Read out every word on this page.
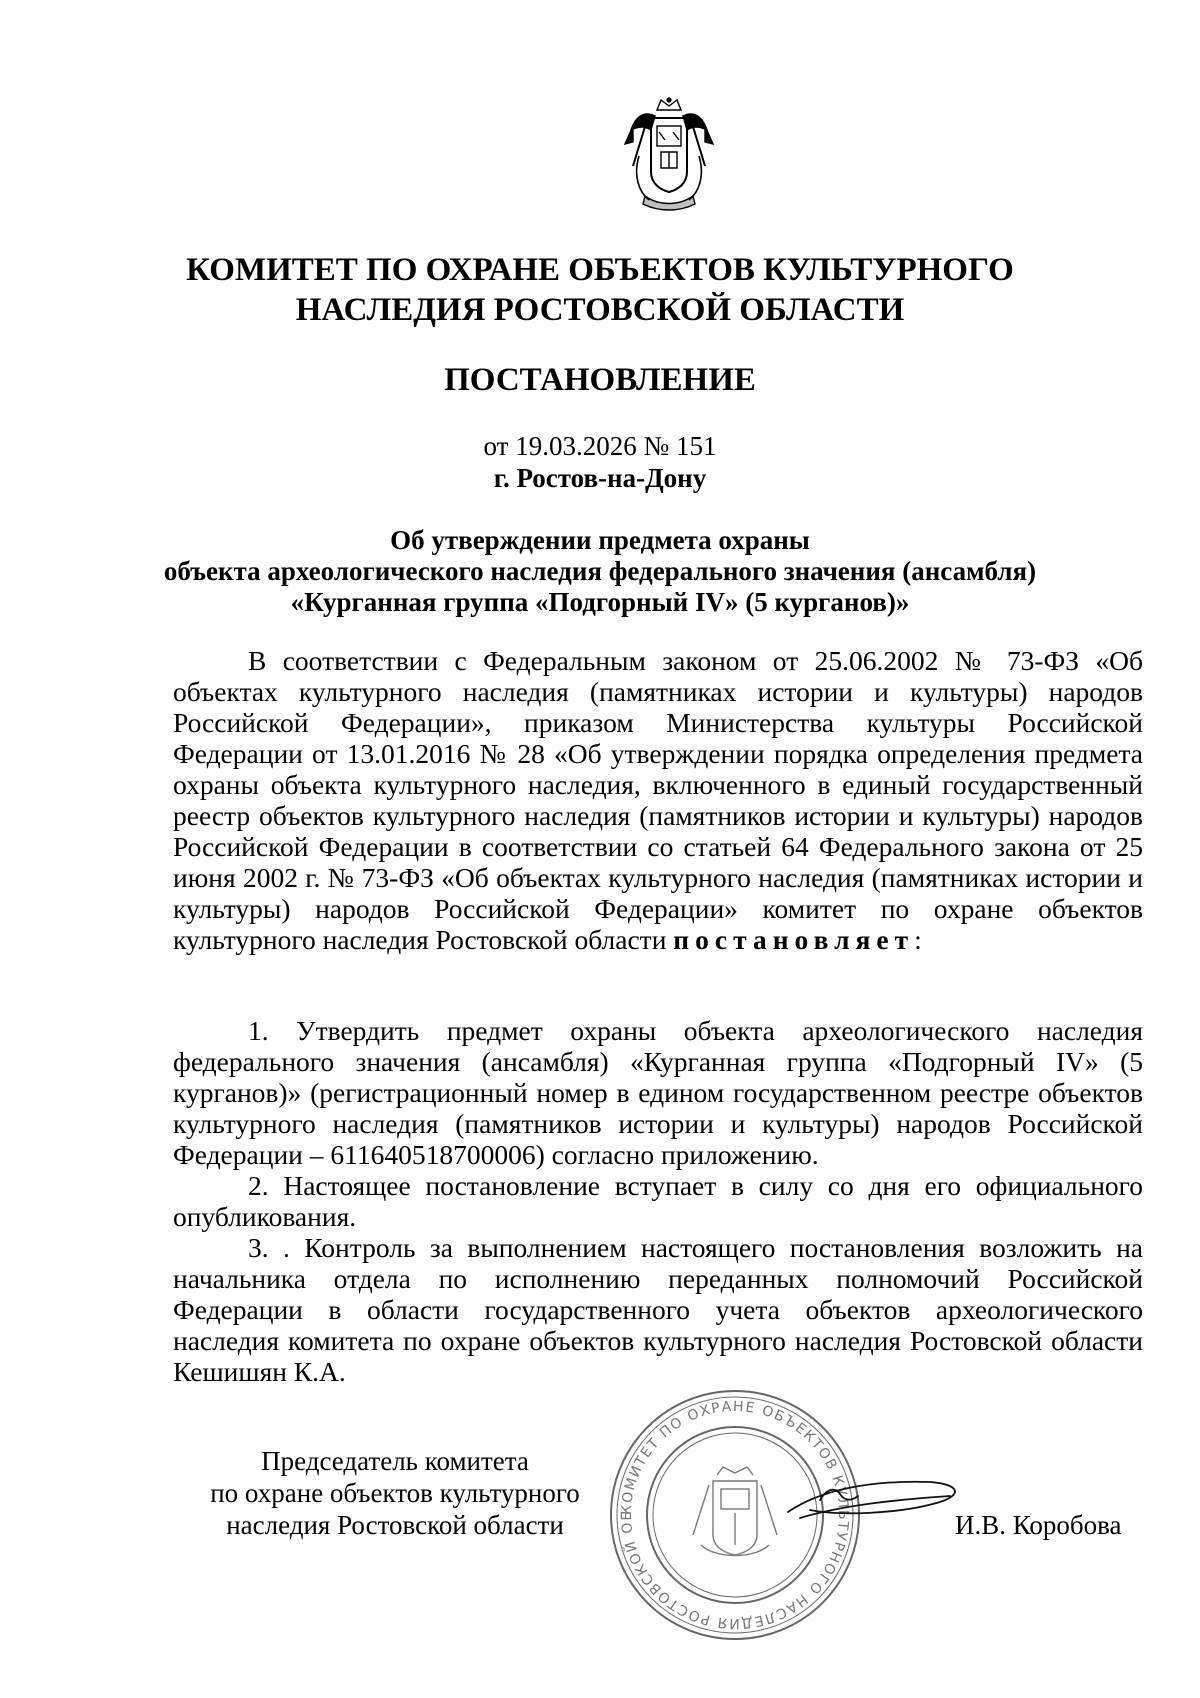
КОМИТЕТ ПО ОХРАНЕ ОБЪЕКТОВ КУЛЬТУРНОГО
НАСЛЕДИЯ РОСТОВСКОЙ ОБЛАСТИ
ПОСТАНОВЛЕНИЕ
от 19.03.2026 № 151
г. Ростов-на-Дону
Об утверждении предмета охраны
объекта археологического наследия федерального значения (ансамбля)
«Курганная группа «Подгорный IV» (5 курганов)»

В соответствии с Федеральным законом от 25.06.2002 № 73-ФЗ «Об объектах культурного наследия (памятниках истории и культуры) народов Российской Федерации», приказом Министерства культуры Российской Федерации от 13.01.2016 № 28 «Об утверждении порядка определения предмета охраны объекта культурного наследия, включенного в единый государственный реестр объектов культурного наследия (памятников истории и культуры) народов Российской Федерации в соответствии со статьей 64 Федерального закона от 25 июня 2002 г. № 73-ФЗ «Об объектах культурного наследия (памятниках истории и культуры) народов Российской Федерации» комитет по охране объектов культурного наследия Ростовской области постановляет:

1. Утвердить предмет охраны объекта археологического наследия федерального значения (ансамбля) «Курганная группа «Подгорный IV» (5 курганов)» (регистрационный номер в едином государственном реестре объектов культурного наследия (памятников истории и культуры) народов Российской Федерации – 611640518700006) согласно приложению.

2. Настоящее постановление вступает в силу со дня его официального опубликования.

3. . Контроль за выполнением настоящего постановления возложить на начальника отдела по исполнению переданных полномочий Российской Федерации в области государственного учета объектов археологического наследия комитета по охране объектов культурного наследия Ростовской области Кешишян К.А.

Председатель комитета
по охране объектов культурного
наследия Ростовской области
КОМИТЕТ ПО ОХРАНЕ ОБЪЕКТОВ КУЛЬТУРНОГО НАСЛЕДИЯ РОСТОВСКОЙ ОБ	И.В. Коробова
